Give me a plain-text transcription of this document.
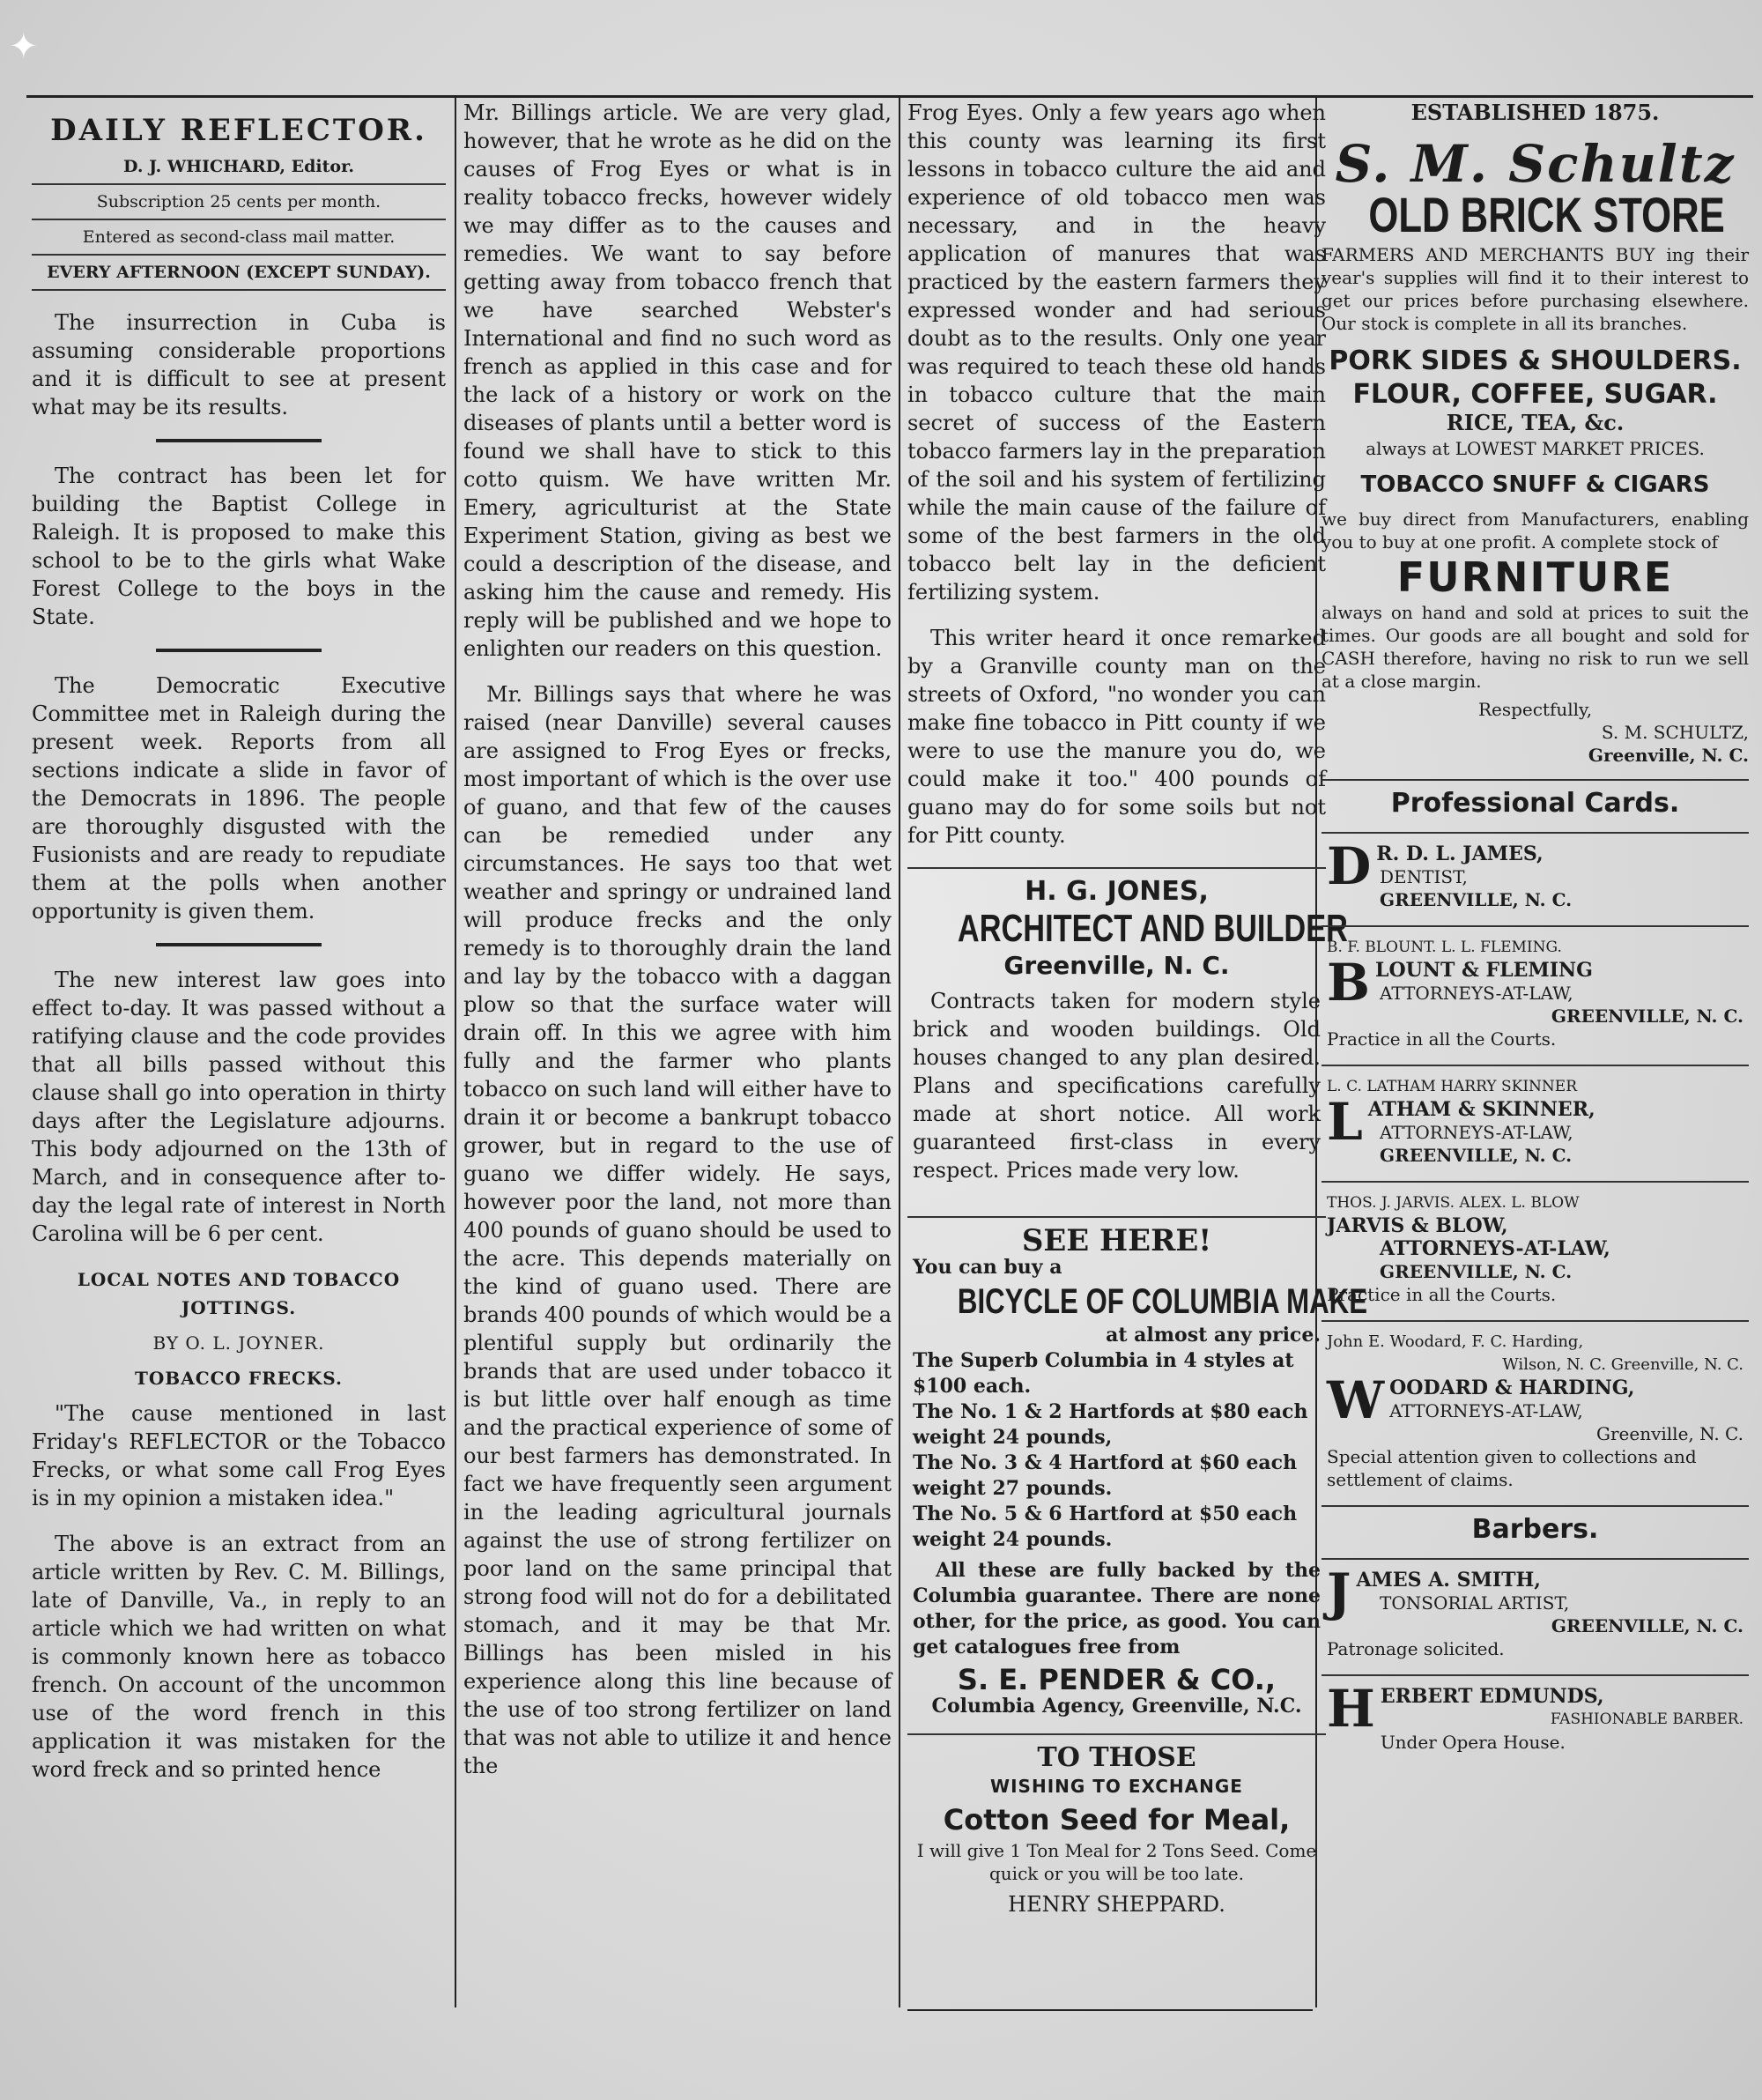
✦
DAILY REFLECTOR.
D. J. WHICHARD, Editor.
Subscription 25 cents per month.
Entered as second-class mail matter.
EVERY AFTERNOON (EXCEPT SUNDAY).

The insurrection in Cuba is assuming considerable proportions and it is difficult to see at present what may be its results.

The contract has been let for building the Baptist College in Raleigh. It is proposed to make this school to be to the girls what Wake Forest College to the boys in the State.

The Democratic Executive Committee met in Raleigh during the present week. Reports from all sections indicate a slide in favor of the Democrats in 1896. The people are thoroughly disgusted with the Fusionists and are ready to repudiate them at the polls when another opportunity is given them.

The new interest law goes into effect to-day. It was passed without a ratifying clause and the code provides that all bills passed without this clause shall go into operation in thirty days after the Legislature adjourns. This body adjourned on the 13th of March, and in consequence after to-day the legal rate of interest in North Carolina will be 6 per cent.

LOCAL NOTES AND TOBACCO JOTTINGS.
BY O. L. JOYNER.
TOBACCO FRECKS.

"The cause mentioned in last Friday's REFLECTOR or the Tobacco Frecks, or what some call Frog Eyes is in my opinion a mistaken idea."

The above is an extract from an article written by Rev. C. M. Billings, late of Danville, Va., in reply to an article which we had written on what is commonly known here as tobacco french. On account of the uncommon use of the word french in this application it was mistaken for the word freck and so printed hence

Mr. Billings article. We are very glad, however, that he wrote as he did on the causes of Frog Eyes or what is in reality tobacco frecks, however widely we may differ as to the causes and remedies. We want to say before getting away from tobacco french that we have searched Webster's International and find no such word as french as applied in this case and for the lack of a history or work on the diseases of plants until a better word is found we shall have to stick to this cotto quism. We have written Mr. Emery, agriculturist at the State Experiment Station, giving as best we could a description of the disease, and asking him the cause and remedy. His reply will be published and we hope to enlighten our readers on this question.

Mr. Billings says that where he was raised (near Danville) several causes are assigned to Frog Eyes or frecks, most important of which is the over use of guano, and that few of the causes can be remedied under any circumstances. He says too that wet weather and springy or undrained land will produce frecks and the only remedy is to thoroughly drain the land and lay by the tobacco with a daggan plow so that the surface water will drain off. In this we agree with him fully and the farmer who plants tobacco on such land will either have to drain it or become a bankrupt tobacco grower, but in regard to the use of guano we differ widely. He says, however poor the land, not more than 400 pounds of guano should be used to the acre. This depends materially on the kind of guano used. There are brands 400 pounds of which would be a plentiful supply but ordinarily the brands that are used under tobacco it is but little over half enough as time and the practical experience of some of our best farmers has demonstrated. In fact we have frequently seen argument in the leading agricultural journals against the use of strong fertilizer on poor land on the same principal that strong food will not do for a debilitated stomach, and it may be that Mr. Billings has been misled in his experience along this line because of the use of too strong fertilizer on land that was not able to utilize it and hence the

Frog Eyes. Only a few years ago when this county was learning its first lessons in tobacco culture the aid and experience of old tobacco men was necessary, and in the heavy application of manures that was practiced by the eastern farmers they expressed wonder and had serious doubt as to the results. Only one year was required to teach these old hands in tobacco culture that the main secret of success of the Eastern tobacco farmers lay in the preparation of the soil and his system of fertilizing while the main cause of the failure of some of the best farmers in the old tobacco belt lay in the deficient fertilizing system.

This writer heard it once remarked by a Granville county man on the streets of Oxford, "no wonder you can make fine tobacco in Pitt county if we were to use the manure you do, we could make it too." 400 pounds of guano may do for some soils but not for Pitt county.

H. G. JONES,
ARCHITECT AND BUILDER
Greenville, N. C.

Contracts taken for modern style brick and wooden buildings. Old houses changed to any plan desired. Plans and specifications carefully made at short notice. All work guaranteed first-class in every respect. Prices made very low.

SEE HERE!
You can buy a
BICYCLE OF COLUMBIA MAKE
at almost any price.
The Superb Columbia in 4 styles at $100 each.
The No. 1 & 2 Hartfords at $80 each weight 24 pounds,
The No. 3 & 4 Hartford at $60 each weight 27 pounds.
The No. 5 & 6 Hartford at $50 each weight 24 pounds.

All these are fully backed by the Columbia guarantee. There are none other, for the price, as good. You can get catalogues free from

S. E. PENDER & CO.,
Columbia Agency, Greenville, N.C.
TO THOSE
WISHING TO EXCHANGE
Cotton Seed for Meal,
I will give 1 Ton Meal for 2 Tons Seed. Come quick or you will be too late.
HENRY SHEPPARD.
ESTABLISHED 1875.
S. M. Schultz
OLD BRICK STORE
FARMERS AND MERCHANTS BUY ing their year's supplies will find it to their interest to get our prices before purchasing elsewhere. Our stock is complete in all its branches.
PORK SIDES & SHOULDERS.
FLOUR, COFFEE, SUGAR.
RICE, TEA, &c.
always at LOWEST MARKET PRICES.
TOBACCO SNUFF & CIGARS
we buy direct from Manufacturers, enabling you to buy at one profit. A complete stock of
FURNITURE
always on hand and sold at prices to suit the times. Our goods are all bought and sold for CASH therefore, having no risk to run we sell at a close margin.
Respectfully,
S. M. SCHULTZ,
Greenville, N. C.
Professional Cards.
D R. D. L. JAMES,
DENTIST,
GREENVILLE, N. C.
B. F. BLOUNT. L. L. FLEMING.
B LOUNT & FLEMING
ATTORNEYS-AT-LAW,
GREENVILLE, N. C.
Practice in all the Courts.
L. C. LATHAM HARRY SKINNER
L ATHAM & SKINNER,
ATTORNEYS-AT-LAW,
GREENVILLE, N. C.
THOS. J. JARVIS. ALEX. L. BLOW
JARVIS & BLOW,
ATTORNEYS-AT-LAW,
GREENVILLE, N. C.
Practice in all the Courts.
John E. Woodard, F. C. Harding,
Wilson, N. C. Greenville, N. C.
W OODARD & HARDING,
ATTORNEYS-AT-LAW,
Greenville, N. C.
Special attention given to collections and settlement of claims.
Barbers.
J AMES A. SMITH,
TONSORIAL ARTIST,
GREENVILLE, N. C.
Patronage solicited.
H ERBERT EDMUNDS,
FASHIONABLE BARBER.
Under Opera House.
